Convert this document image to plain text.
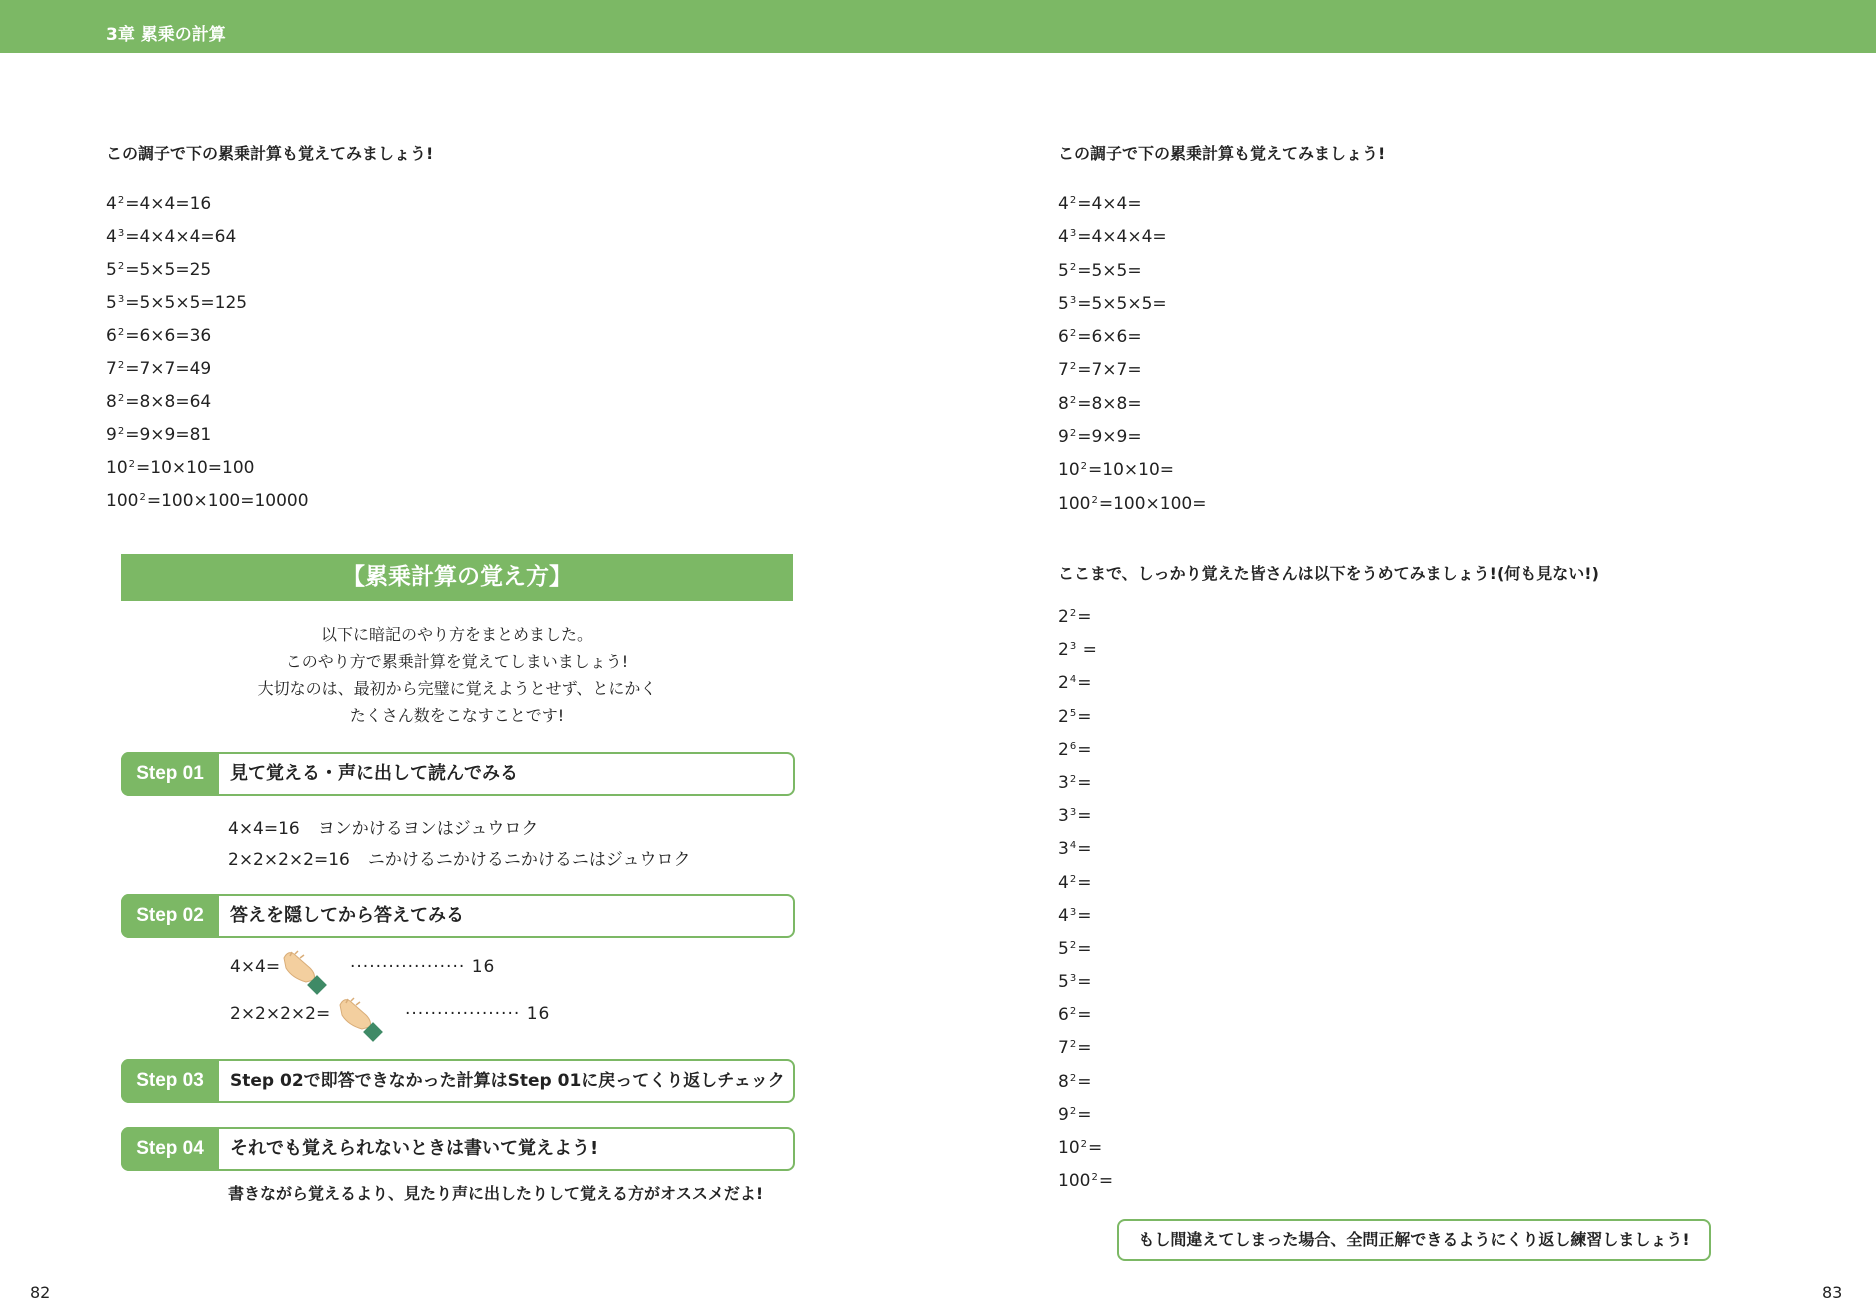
3章 累乗の計算
この調子で下の累乗計算も覚えてみましょう!
$4^2=4\times 4=16$
$4^3=4\times 4\times 4=64$
$5^2=5\times 5=25$
$5^3=5\times 5\times 5=125$
$6^2=6\times 6=36$
$7^2=7\times 7=49$
$8^2=8\times 8=64$
$9^2=9\times 9=81$
$10^2=10\times 10=100$
$100^2=100\times 100=10000$
【累乗計算の覚え方】
以下に暗記のやり方をまとめました。
このやり方で累乗計算を覚えてしまいましょう!
大切なのは、最初から完璧に覚えようとせず、とにかく
たくさん数をこなすことです!
Step 01	見て覚える・声に出して読んでみる
4×4=16 ヨンかけるヨンはジュウロク
2×2×2×2=16 ニかけるニかけるニかけるニはジュウロク
Step 02	答えを隠してから答えてみる
4×4=	·················· 16
2×2×2×2=	·················· 16
Step 03	Step 02で即答できなかった計算はStep 01に戻ってくり返しチェック
Step 04	それでも覚えられないときは書いて覚えよう!
書きながら覚えるより、見たり声に出したりして覚える方がオススメだよ!
82
この調子で下の累乗計算も覚えてみましょう!
$4^2=4\times 4=$
$4^3=4\times 4\times 4=$
$5^2=5\times 5=$
$5^3=5\times 5\times 5=$
$6^2=6\times 6=$
$7^2=7\times 7=$
$8^2=8\times 8=$
$9^2=9\times 9=$
$10^2=10\times 10=$
$100^2=100\times 100=$
ここまで、しっかり覚えた皆さんは以下をうめてみましょう!(何も見ない!)
$2^2=$
$2^3$ =
$2^4=$
$2^5=$
$2^6=$
$3^2=$
$3^3=$
$3^4=$
$4^2=$
$4^3=$
$5^2=$
$5^3=$
$6^2=$
$7^2=$
$8^2=$
$9^2=$
$10^2=$
$100^2=$
もし間違えてしまった場合、全問正解できるようにくり返し練習しましょう!
83
